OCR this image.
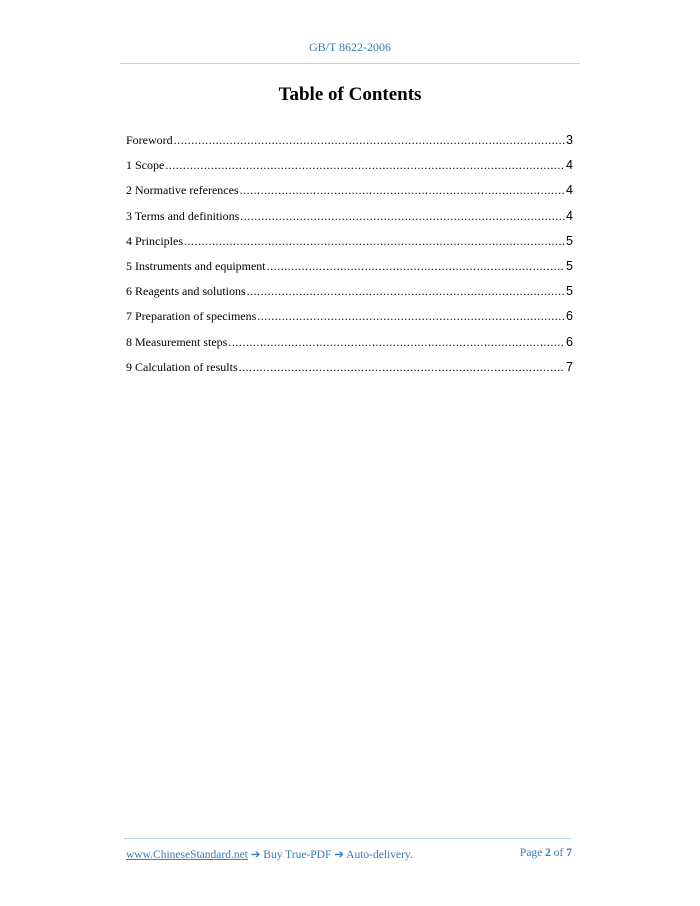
GB/T 8622-2006
Table of Contents
Foreword .....	3
1 Scope .....	4
2 Normative references .....	4
3 Terms and definitions .....	4
4 Principles .....	5
5 Instruments and equipment .....	5
6 Reagents and solutions .....	5
7 Preparation of specimens .....	6
8 Measurement steps .....	6
9 Calculation of results .....	7
www.ChineseStandard.net ➔ Buy True-PDF ➔ Auto-delivery.	Page 2 of 7
